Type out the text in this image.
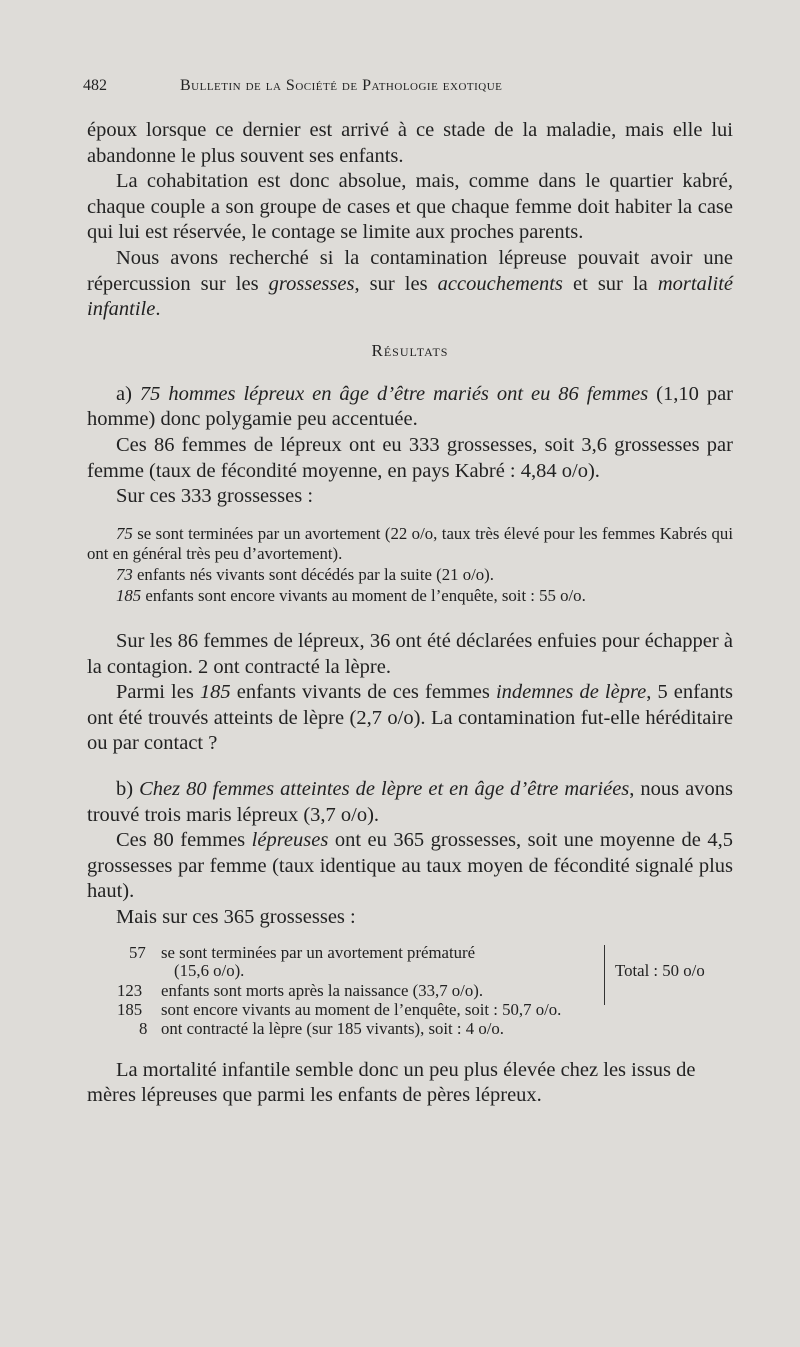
482	Bulletin de la Société de Pathologie exotique

époux lorsque ce dernier est arrivé à ce stade de la maladie, mais elle lui abandonne le plus souvent ses enfants.

La cohabitation est donc absolue, mais, comme dans le quartier kabré, chaque couple a son groupe de cases et que chaque femme doit habiter la case qui lui est réservée, le contage se limite aux proches parents.

Nous avons recherché si la contamination lépreuse pouvait avoir une répercussion sur les grossesses, sur les accouchements et sur la mortalité infantile.

Résultats

a) 75 hommes lépreux en âge d’être mariés ont eu 86 femmes (1,10 par homme) donc polygamie peu accentuée.

Ces 86 femmes de lépreux ont eu 333 grossesses, soit 3,6 grossesses par femme (taux de fécondité moyenne, en pays Kabré : 4,84 o/o).

Sur ces 333 grossesses :

75 se sont terminées par un avortement (22 o/o, taux très élevé pour les femmes Kabrés qui ont en général très peu d’avortement).

73 enfants nés vivants sont décédés par la suite (21 o/o).

185 enfants sont encore vivants au moment de l’enquête, soit : 55 o/o.

Sur les 86 femmes de lépreux, 36 ont été déclarées enfuies pour échapper à la contagion. 2 ont contracté la lèpre.

Parmi les 185 enfants vivants de ces femmes indemnes de lèpre, 5 enfants ont été trouvés atteints de lèpre (2,7 o/o). La contamination fut-elle héréditaire ou par contact ?

b) Chez 80 femmes atteintes de lèpre et en âge d’être mariées, nous avons trouvé trois maris lépreux (3,7 o/o).

Ces 80 femmes lépreuses ont eu 365 grossesses, soit une moyenne de 4,5 grossesses par femme (taux identique au taux moyen de fécondité signalé plus haut).

Mais sur ces 365 grossesses :

57 se sont terminées par un avortement prématuré
(15,6 o/o).
123 enfants sont morts après la naissance (33,7 o/o).
185 sont encore vivants au moment de l’enquête, soit : 50,7 o/o.
8 ont contracté la lèpre (sur 185 vivants), soit : 4 o/o.
Total : 50 o/o

La mortalité infantile semble donc un peu plus élevée chez les issus de mères lépreuses que parmi les enfants de pères lépreux.
